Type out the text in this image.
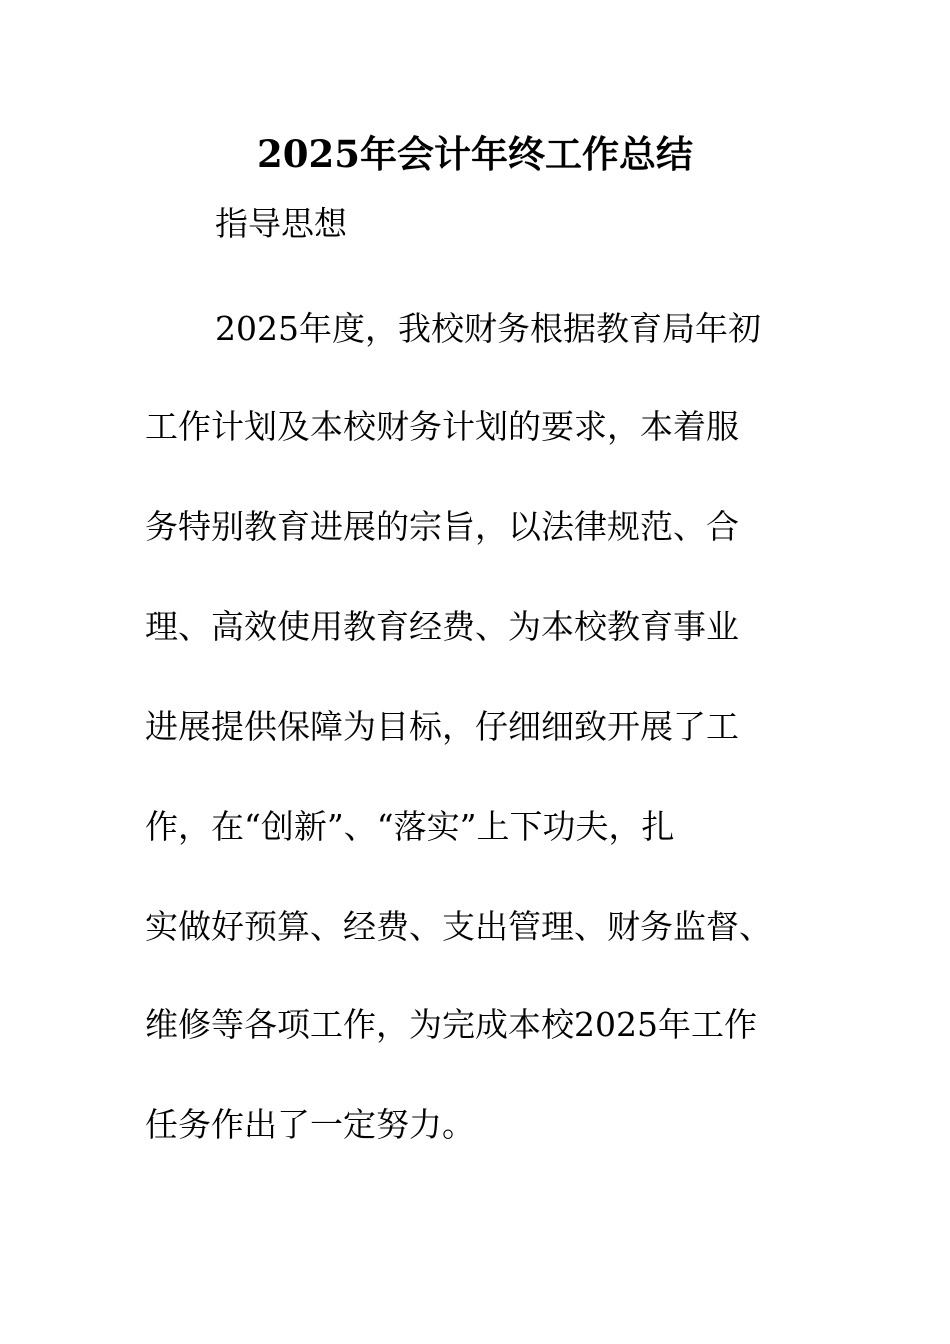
2025年会计年终工作总结
指导思想
2025年度，我校财务根据教育局年初
工作计划及本校财务计划的要求，本着服
务特别教育进展的宗旨，以法律规范、合
理、高效使用教育经费、为本校教育事业
进展提供保障为目标，仔细细致开展了工
作，在“创新”、“落实”上下功夫，扎
实做好预算、经费、支出管理、财务监督、
维修等各项工作，为完成本校2025年工作
任务作出了一定努力。
